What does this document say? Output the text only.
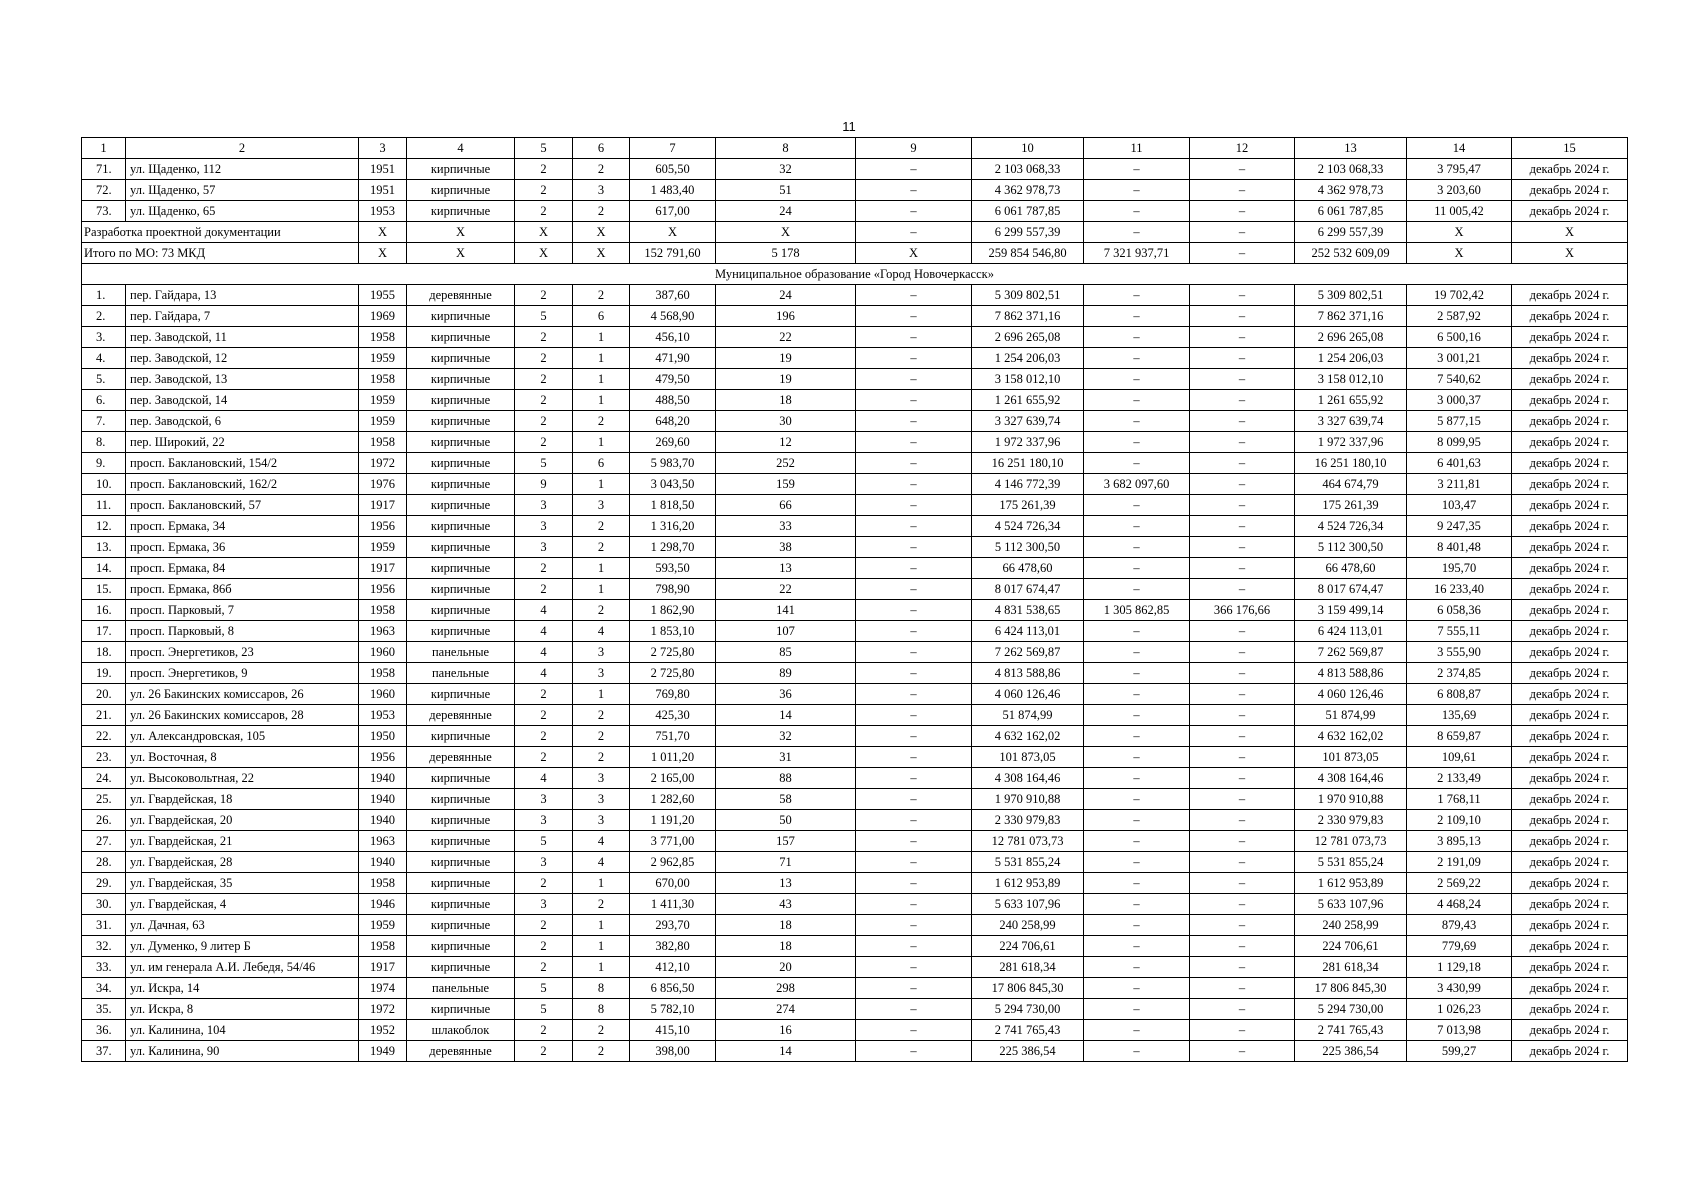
11
1	2	3	4	5	6	7	8	9	10	11	12	13	14	15
71.	ул. Щаденко, 112	1951	кирпичные	2	2	605,50	32	–	2 103 068,33	–	–	2 103 068,33	3 795,47	декабрь 2024 г.
72.	ул. Щаденко, 57	1951	кирпичные	2	3	1 483,40	51	–	4 362 978,73	–	–	4 362 978,73	3 203,60	декабрь 2024 г.
73.	ул. Щаденко, 65	1953	кирпичные	2	2	617,00	24	–	6 061 787,85	–	–	6 061 787,85	11 005,42	декабрь 2024 г.
Разработка проектной документации		X	X	X	X	X	X	–	6 299 557,39	–	–	6 299 557,39	X	X
Итого по МО: 73 МКД		X	X	X	X	152 791,60	5 178	X	259 854 546,80	7 321 937,71	–	252 532 609,09	X	X
Муниципальное образование «Город Новочеркасск»														
1.	пер. Гайдара, 13	1955	деревянные	2	2	387,60	24	–	5 309 802,51	–	–	5 309 802,51	19 702,42	декабрь 2024 г.
2.	пер. Гайдара, 7	1969	кирпичные	5	6	4 568,90	196	–	7 862 371,16	–	–	7 862 371,16	2 587,92	декабрь 2024 г.
3.	пер. Заводской, 11	1958	кирпичные	2	1	456,10	22	–	2 696 265,08	–	–	2 696 265,08	6 500,16	декабрь 2024 г.
4.	пер. Заводской, 12	1959	кирпичные	2	1	471,90	19	–	1 254 206,03	–	–	1 254 206,03	3 001,21	декабрь 2024 г.
5.	пер. Заводской, 13	1958	кирпичные	2	1	479,50	19	–	3 158 012,10	–	–	3 158 012,10	7 540,62	декабрь 2024 г.
6.	пер. Заводской, 14	1959	кирпичные	2	1	488,50	18	–	1 261 655,92	–	–	1 261 655,92	3 000,37	декабрь 2024 г.
7.	пер. Заводской, 6	1959	кирпичные	2	2	648,20	30	–	3 327 639,74	–	–	3 327 639,74	5 877,15	декабрь 2024 г.
8.	пер. Широкий, 22	1958	кирпичные	2	1	269,60	12	–	1 972 337,96	–	–	1 972 337,96	8 099,95	декабрь 2024 г.
9.	просп. Баклановский, 154/2	1972	кирпичные	5	6	5 983,70	252	–	16 251 180,10	–	–	16 251 180,10	6 401,63	декабрь 2024 г.
10.	просп. Баклановский, 162/2	1976	кирпичные	9	1	3 043,50	159	–	4 146 772,39	3 682 097,60	–	464 674,79	3 211,81	декабрь 2024 г.
11.	просп. Баклановский, 57	1917	кирпичные	3	3	1 818,50	66	–	175 261,39	–	–	175 261,39	103,47	декабрь 2024 г.
12.	просп. Ермака, 34	1956	кирпичные	3	2	1 316,20	33	–	4 524 726,34	–	–	4 524 726,34	9 247,35	декабрь 2024 г.
13.	просп. Ермака, 36	1959	кирпичные	3	2	1 298,70	38	–	5 112 300,50	–	–	5 112 300,50	8 401,48	декабрь 2024 г.
14.	просп. Ермака, 84	1917	кирпичные	2	1	593,50	13	–	66 478,60	–	–	66 478,60	195,70	декабрь 2024 г.
15.	просп. Ермака, 86б	1956	кирпичные	2	1	798,90	22	–	8 017 674,47	–	–	8 017 674,47	16 233,40	декабрь 2024 г.
16.	просп. Парковый, 7	1958	кирпичные	4	2	1 862,90	141	–	4 831 538,65	1 305 862,85	366 176,66	3 159 499,14	6 058,36	декабрь 2024 г.
17.	просп. Парковый, 8	1963	кирпичные	4	4	1 853,10	107	–	6 424 113,01	–	–	6 424 113,01	7 555,11	декабрь 2024 г.
18.	просп. Энергетиков, 23	1960	панельные	4	3	2 725,80	85	–	7 262 569,87	–	–	7 262 569,87	3 555,90	декабрь 2024 г.
19.	просп. Энергетиков, 9	1958	панельные	4	3	2 725,80	89	–	4 813 588,86	–	–	4 813 588,86	2 374,85	декабрь 2024 г.
20.	ул. 26 Бакинских комиссаров, 26	1960	кирпичные	2	1	769,80	36	–	4 060 126,46	–	–	4 060 126,46	6 808,87	декабрь 2024 г.
21.	ул. 26 Бакинских комиссаров, 28	1953	деревянные	2	2	425,30	14	–	51 874,99	–	–	51 874,99	135,69	декабрь 2024 г.
22.	ул. Александровская, 105	1950	кирпичные	2	2	751,70	32	–	4 632 162,02	–	–	4 632 162,02	8 659,87	декабрь 2024 г.
23.	ул. Восточная, 8	1956	деревянные	2	2	1 011,20	31	–	101 873,05	–	–	101 873,05	109,61	декабрь 2024 г.
24.	ул. Высоковольтная, 22	1940	кирпичные	4	3	2 165,00	88	–	4 308 164,46	–	–	4 308 164,46	2 133,49	декабрь 2024 г.
25.	ул. Гвардейская, 18	1940	кирпичные	3	3	1 282,60	58	–	1 970 910,88	–	–	1 970 910,88	1 768,11	декабрь 2024 г.
26.	ул. Гвардейская, 20	1940	кирпичные	3	3	1 191,20	50	–	2 330 979,83	–	–	2 330 979,83	2 109,10	декабрь 2024 г.
27.	ул. Гвардейская, 21	1963	кирпичные	5	4	3 771,00	157	–	12 781 073,73	–	–	12 781 073,73	3 895,13	декабрь 2024 г.
28.	ул. Гвардейская, 28	1940	кирпичные	3	4	2 962,85	71	–	5 531 855,24	–	–	5 531 855,24	2 191,09	декабрь 2024 г.
29.	ул. Гвардейская, 35	1958	кирпичные	2	1	670,00	13	–	1 612 953,89	–	–	1 612 953,89	2 569,22	декабрь 2024 г.
30.	ул. Гвардейская, 4	1946	кирпичные	3	2	1 411,30	43	–	5 633 107,96	–	–	5 633 107,96	4 468,24	декабрь 2024 г.
31.	ул. Дачная, 63	1959	кирпичные	2	1	293,70	18	–	240 258,99	–	–	240 258,99	879,43	декабрь 2024 г.
32.	ул. Думенко, 9 литер Б	1958	кирпичные	2	1	382,80	18	–	224 706,61	–	–	224 706,61	779,69	декабрь 2024 г.
33.	ул. им генерала А.И. Лебедя, 54/46	1917	кирпичные	2	1	412,10	20	–	281 618,34	–	–	281 618,34	1 129,18	декабрь 2024 г.
34.	ул. Искра, 14	1974	панельные	5	8	6 856,50	298	–	17 806 845,30	–	–	17 806 845,30	3 430,99	декабрь 2024 г.
35.	ул. Искра, 8	1972	кирпичные	5	8	5 782,10	274	–	5 294 730,00	–	–	5 294 730,00	1 026,23	декабрь 2024 г.
36.	ул. Калинина, 104	1952	шлакоблок	2	2	415,10	16	–	2 741 765,43	–	–	2 741 765,43	7 013,98	декабрь 2024 г.
37.	ул. Калинина, 90	1949	деревянные	2	2	398,00	14	–	225 386,54	–	–	225 386,54	599,27	декабрь 2024 г.
